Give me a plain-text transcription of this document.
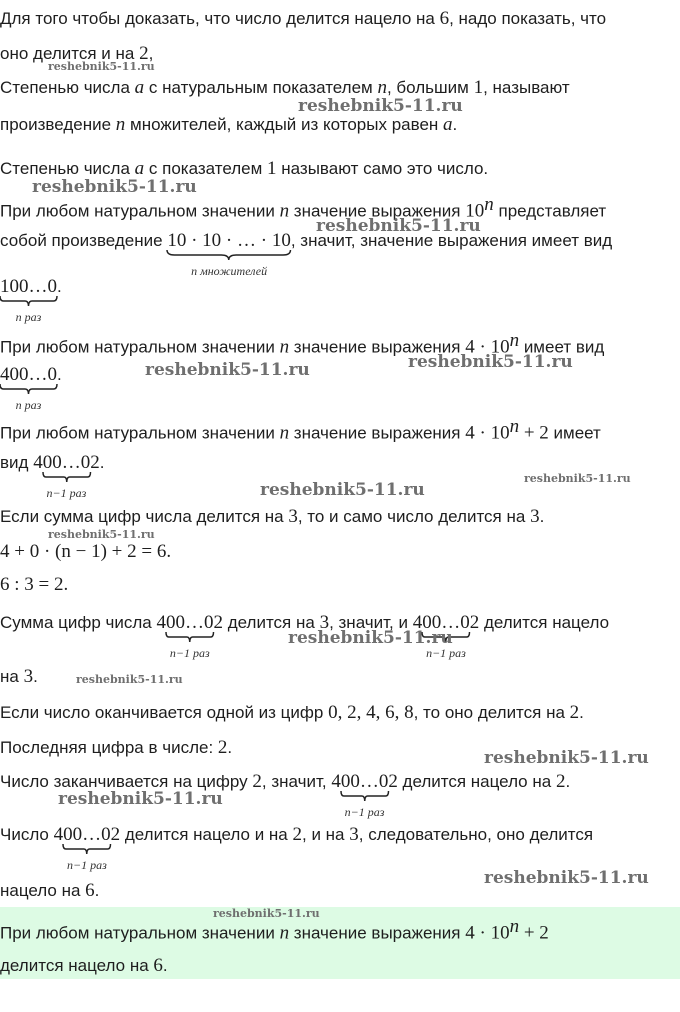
Для того чтобы доказать, что число делится нацело на 6, надо показать, что
оно делится и на 2,
Степенью числа a с натуральным показателем n, большим 1, называют
произведение n множителей, каждый из которых равен a.
Степенью числа a с показателем 1 называют само это число.
При любом натуральном значении n значение выражения 10$^n$ представляет
собой произведение 10 · 10 · … · 10
n множителей
, значит, значение выражения имеет вид
100…0
n раз
.
При любом натуральном значении n значение выражения $4 \cdot 10^n$ имеет вид
400…0
n раз
.
При любом натуральном значении n значение выражения $4 \cdot 10^n + 2$ имеет
вид 400…0
n−1 раз
2.
Если сумма цифр числа делится на 3, то и само число делится на 3.
4 + 0 · (n − 1) + 2 = 6.
6 : 3 = 2.
Сумма цифр числа 400…0
n−1 раз
2 делится на 3, значит, и 400…0
n−1 раз
2 делится нацело
на 3.
Если число оканчивается одной из цифр 0, 2, 4, 6, 8, то оно делится на 2.
Последняя цифра в числе: 2.
Число заканчивается на цифру 2, значит, 400…0
n−1 раз
2 делится нацело на 2.
Число 400…0
n−1 раз
2 делится нацело и на 2, и на 3, следовательно, оно делится
нацело на 6.
При любом натуральном значении n значение выражения $4 \cdot 10^n + 2$
делится нацело на 6.
reshebnik5-11.ru
reshebnik5-11.ru
reshebnik5-11.ru
reshebnik5-11.ru
reshebnik5-11.ru	reshebnik5-11.ru
reshebnik5-11.ru
reshebnik5-11.ru
reshebnik5-11.ru
reshebnik5-11.ru
reshebnik5-11.ru
reshebnik5-11.ru
reshebnik5-11.ru
reshebnik5-11.ru
reshebnik5-11.ru
